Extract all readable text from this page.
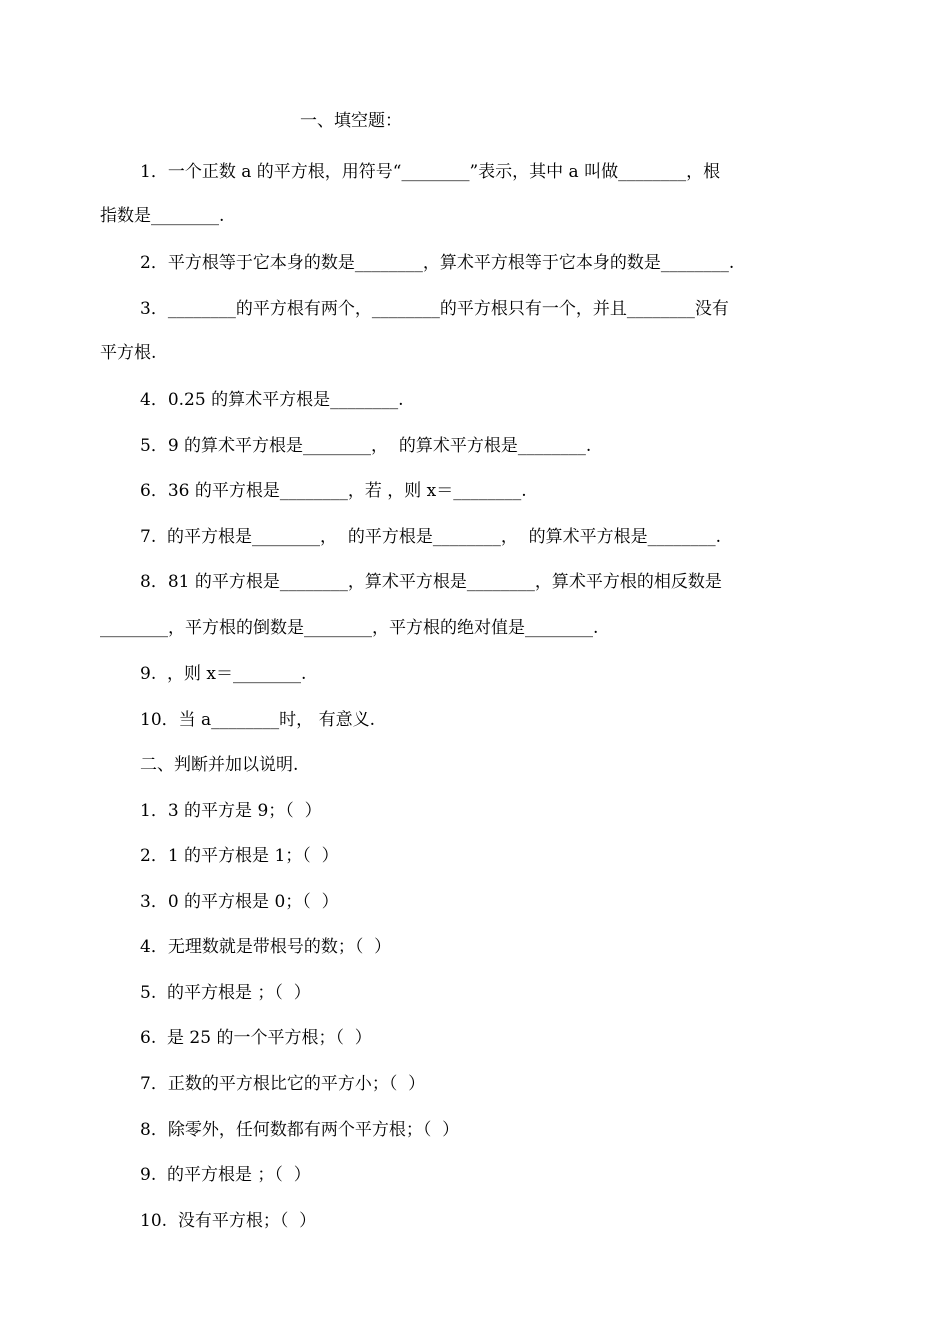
一、填空题：

1．一个正数 a 的平方根，用符号“________”表示，其中 a 叫做________，根

指数是________.

2．平方根等于它本身的数是________，算术平方根等于它本身的数是________.

3．________的平方根有两个，________的平方根只有一个，并且________没有

平方根.

4．0.25 的算术平方根是________.

5．9 的算术平方根是________，  的算术平方根是________.

6．36 的平方根是________，若 ，则 x＝________.

7.  的平方根是________，  的平方根是________，  的算术平方根是________.

8．81 的平方根是________，算术平方根是________，算术平方根的相反数是

________，平方根的倒数是________，平方根的绝对值是________.

9.  ，则 x＝________.

10．当 a________时， 有意义.

二、判断并加以说明.

1．3 的平方是 9；（  ）

2．1 的平方根是 1；（  ）

3．0 的平方根是 0；（  ）

4．无理数就是带根号的数；（  ）

5.  的平方根是 ；（  ）

6.  是 25 的一个平方根；（  ）

7．正数的平方根比它的平方小；（  ）

8．除零外，任何数都有两个平方根；（  ）

9.  的平方根是 ；（  ）

10.  没有平方根；（  ）
